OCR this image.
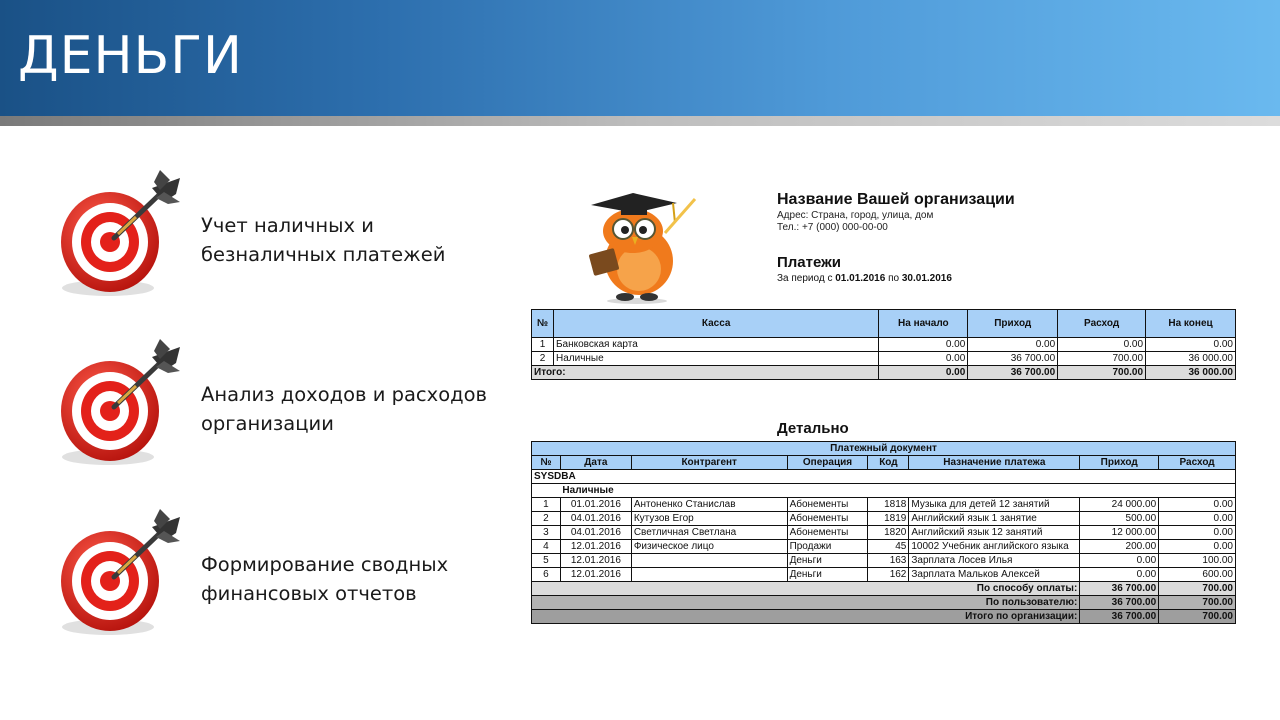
ДЕНЬГИ
Учет наличных и
безналичных платежей
Анализ доходов и расходов
организации
Формирование сводных
финансовых отчетов
Название Вашей организации
Адрес: Страна, город, улица, дом
Тел.: +7 (000) 000-00-00
Платежи
За период с 01.01.2016 по 30.01.2016
№	Касса	На начало	Приход	Расход	На конец
1	Банковская карта	0.00	0.00	0.00	0.00
2	Наличные	0.00	36 700.00	700.00	36 000.00
Итого:		0.00	36 700.00	700.00	36 000.00
Детально
Платежный документ							
№	Дата	Контрагент	Операция	Код	Назначение платежа	Приход	Расход
SYSDBA							
	Наличные						
1	01.01.2016	Антоненко Станислав	Абонементы	1818	Музыка для детей 12 занятий	24 000.00	0.00
2	04.01.2016	Кутузов Егор	Абонементы	1819	Английский язык 1 занятие	500.00	0.00
3	04.01.2016	Светличная Светлана	Абонементы	1820	Английский язык 12 занятий	12 000.00	0.00
4	12.01.2016	Физическое лицо	Продажи	45	10002 Учебник английского языка	200.00	0.00
5	12.01.2016		Деньги	163	Зарплата Лосев Илья	0.00	100.00
6	12.01.2016		Деньги	162	Зарплата Мальков Алексей	0.00	600.00
По способу оплаты:						36 700.00	700.00
По пользователю:						36 700.00	700.00
Итого по организации:						36 700.00	700.00
